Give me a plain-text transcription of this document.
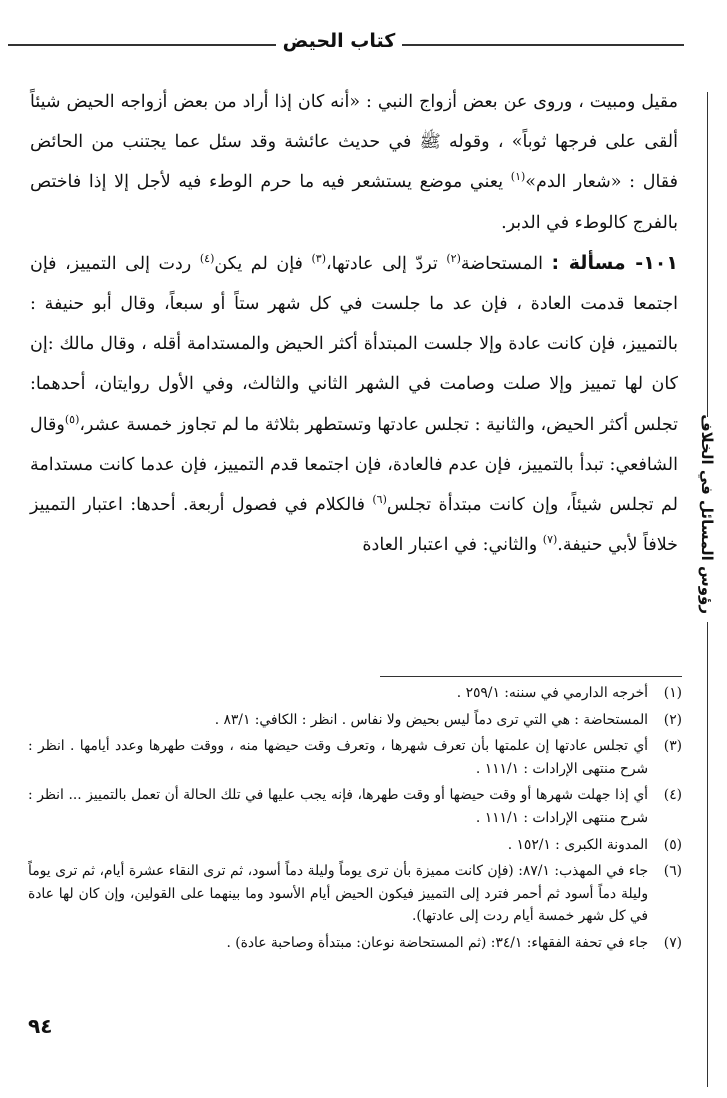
كتاب الحيض
رؤوس المسائل في الخلاف

مقيل ومبيت ، وروى عن بعض أزواج النبي : «أنه كان إذا أراد من بعض أزواجه الحيض شيئاً ألقى على فرجها ثوباً» ، وقوله ﷺ في حديث عائشة وقد سئل عما يجتنب من الحائض فقال : «شعار الدم»$^{(١)}$ يعني موضع يستشعر فيه ما حرم الوطء فيه لأجل إلا إذا فاختص بالفرج كالوطء في الدبر.

١٠١- مسألة : المستحاضة$^{(٢)}$ تردّ إلى عادتها،$^{(٣)}$ فإن لم يكن$^{(٤)}$ ردت إلى التمييز، فإن اجتمعا قدمت العادة ، فإن عد ما جلست في كل شهر ستاً أو سبعاً، وقال أبو حنيفة : بالتمييز، فإن كانت عادة وإلا جلست المبتدأة أكثر الحيض والمستدامة أقله ، وقال مالك :إن كان لها تمييز وإلا صلت وصامت في الشهر الثاني والثالث، وفي الأول روايتان، أحدهما: تجلس أكثر الحيض، والثانية : تجلس عادتها وتستطهر بثلاثة ما لم تجاوز خمسة عشر،$^{(٥)}$وقال الشافعي: تبدأ بالتمييز، فإن عدم فالعادة، فإن اجتمعا قدم التمييز، فإن عدما كانت مستدامة لم تجلس شيئاً، وإن كانت مبتدأة تجلس$^{(٦)}$ فالكلام في فصول أربعة. أحدها: اعتبار التمييز خلافاً لأبي حنيفة.$^{(٧)}$ والثاني: في اعتبار العادة

(١)
أخرجه الدارمي في سننه: ٢٥٩/١ .
(٢)
المستحاضة : هي التي ترى دماً ليس بحيض ولا نفاس . انظر : الكافي: ٨٣/١ .
(٣)
أي تجلس عادتها إن علمتها بأن تعرف شهرها ، وتعرف وقت حيضها منه ، ووقت طهرها وعدد أيامها . انظر : شرح منتهى الإرادات : ١١١/١ .
(٤)
أي إذا جهلت شهرها أو وقت حيضها أو وقت طهرها، فإنه يجب عليها في تلك الحالة أن تعمل بالتمييز ... انظر : شرح منتهى الإرادات : ١١١/١ .
(٥)
المدونة الكبرى : ١٥٢/١ .
(٦)
جاء في المهذب: ٨٧/١: (فإن كانت مميزة بأن ترى يوماً وليلة دماً أسود، ثم ترى النقاء عشرة أيام، ثم ترى يوماً وليلة دماً أسود ثم أحمر فترد إلى التمييز فيكون الحيض أيام الأسود وما بينهما على القولين، وإن كان لها عادة في كل شهر خمسة أيام ردت إلى عادتها).
(٧)
جاء في تحفة الفقهاء: ٣٤/١: (ثم المستحاضة نوعان: مبتدأة وصاحبة عادة) .
٩٤
